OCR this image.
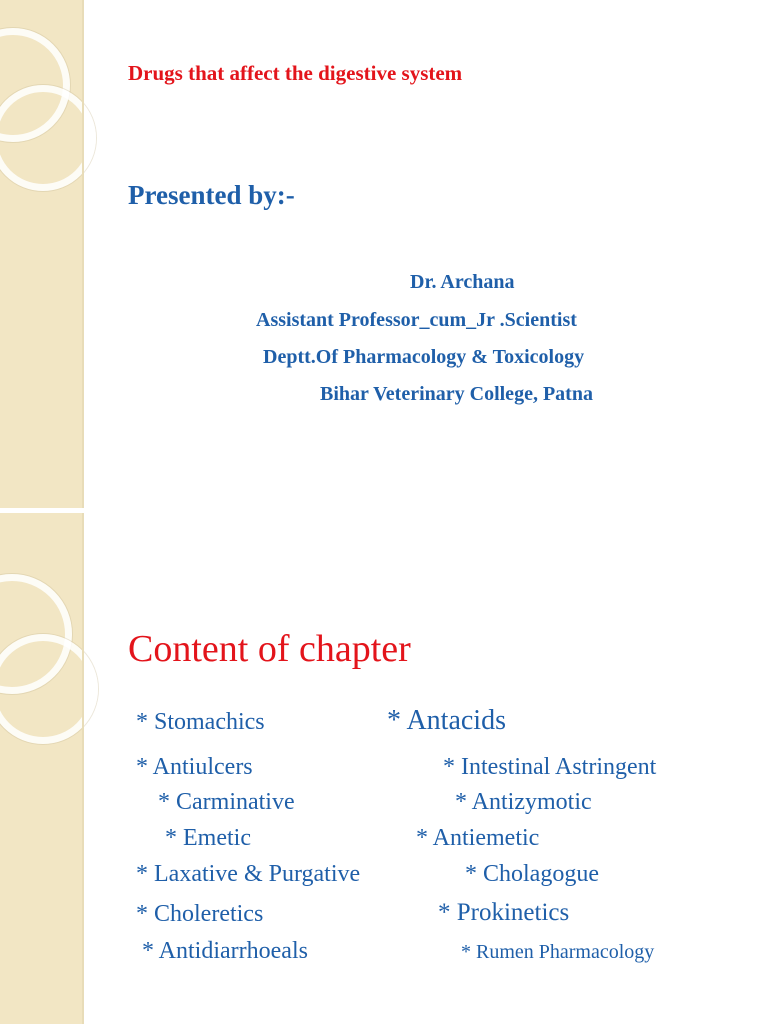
Drugs that affect the digestive system

Presented by:-

Dr. Archana

Assistant Professor_cum_Jr .Scientist

Deptt.Of Pharmacology & Toxicology

Bihar Veterinary College, Patna

Content of chapter

* Stomachics	* Antacids

* Antiulcers	* Intestinal Astringent

* Carminative	* Antizymotic

* Emetic	* Antiemetic

* Laxative & Purgative	* Cholagogue

* Choleretics	* Prokinetics

* Antidiarrhoeals	* Rumen Pharmacology
